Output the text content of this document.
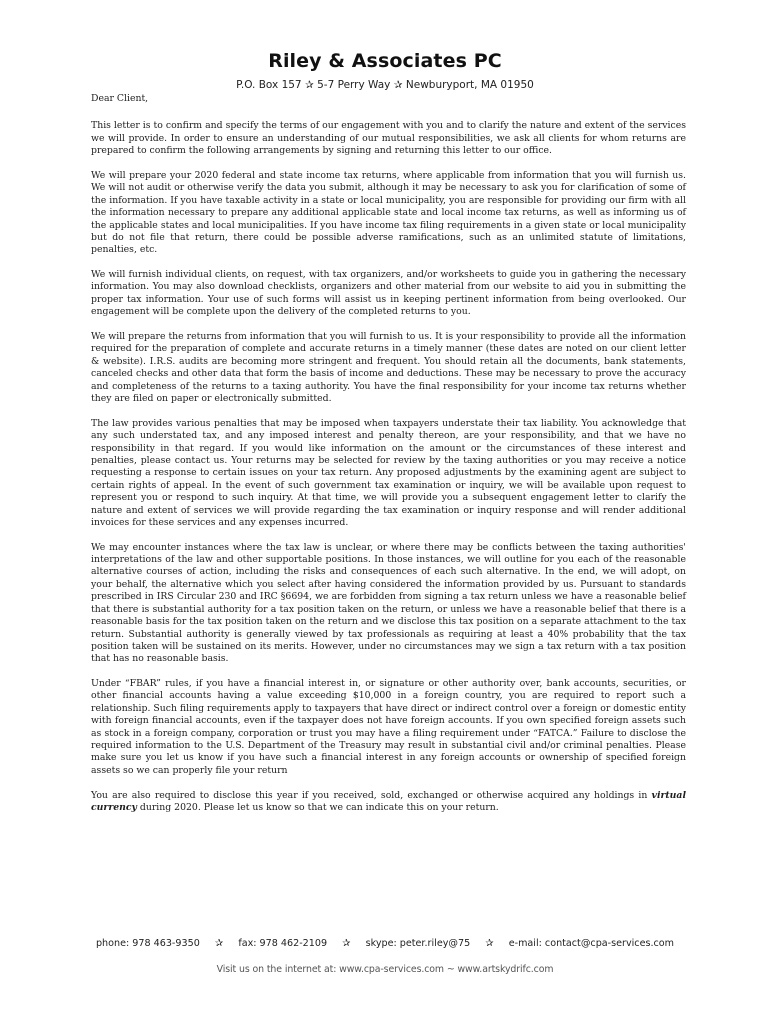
Riley & Associates PC
P.O. Box 157 ✰ 5-7 Perry Way ✰ Newburyport, MA 01950

Dear Client,

This letter is to confirm and specify the terms of our engagement with you and to clarify the nature and extent of the services we will provide. In order to ensure an understanding of our mutual responsibilities, we ask all clients for whom returns are prepared to confirm the following arrangements by signing and returning this letter to our office.

We will prepare your 2020 federal and state income tax returns, where applicable from information that you will furnish us. We will not audit or otherwise verify the data you submit, although it may be necessary to ask you for clarification of some of the information. If you have taxable activity in a state or local municipality, you are responsible for providing our firm with all the information necessary to prepare any additional applicable state and local income tax returns, as well as informing us of the applicable states and local municipalities. If you have income tax filing requirements in a given state or local municipality but do not file that return, there could be possible adverse ramifications, such as an unlimited statute of limitations, penalties, etc.

We will furnish individual clients, on request, with tax organizers, and/or worksheets to guide you in gathering the necessary information. You may also download checklists, organizers and other material from our website to aid you in submitting the proper tax information. Your use of such forms will assist us in keeping pertinent information from being overlooked. Our engagement will be complete upon the delivery of the completed returns to you.

We will prepare the returns from information that you will furnish to us. It is your responsibility to provide all the information required for the preparation of complete and accurate returns in a timely manner (these dates are noted on our client letter & website). I.R.S. audits are becoming more stringent and frequent. You should retain all the documents, bank statements, canceled checks and other data that form the basis of income and deductions. These may be necessary to prove the accuracy and completeness of the returns to a taxing authority. You have the final responsibility for your income tax returns whether they are filed on paper or electronically submitted.

The law provides various penalties that may be imposed when taxpayers understate their tax liability. You acknowledge that any such understated tax, and any imposed interest and penalty thereon, are your responsibility, and that we have no responsibility in that regard. If you would like information on the amount or the circumstances of these interest and penalties, please contact us. Your returns may be selected for review by the taxing authorities or you may receive a notice requesting a response to certain issues on your tax return. Any proposed adjustments by the examining agent are subject to certain rights of appeal. In the event of such government tax examination or inquiry, we will be available upon request to represent you or respond to such inquiry. At that time, we will provide you a subsequent engagement letter to clarify the nature and extent of services we will provide regarding the tax examination or inquiry response and will render additional invoices for these services and any expenses incurred.

We may encounter instances where the tax law is unclear, or where there may be conflicts between the taxing authorities' interpretations of the law and other supportable positions. In those instances, we will outline for you each of the reasonable alternative courses of action, including the risks and consequences of each such alternative. In the end, we will adopt, on your behalf, the alternative which you select after having considered the information provided by us. Pursuant to standards prescribed in IRS Circular 230 and IRC §6694, we are forbidden from signing a tax return unless we have a reasonable belief that there is substantial authority for a tax position taken on the return, or unless we have a reasonable belief that there is a reasonable basis for the tax position taken on the return and we disclose this tax position on a separate attachment to the tax return. Substantial authority is generally viewed by tax professionals as requiring at least a 40% probability that the tax position taken will be sustained on its merits. However, under no circumstances may we sign a tax return with a tax position that has no reasonable basis.

Under “FBAR” rules, if you have a financial interest in, or signature or other authority over, bank accounts, securities, or other financial accounts having a value exceeding $10,000 in a foreign country, you are required to report such a relationship. Such filing requirements apply to taxpayers that have direct or indirect control over a foreign or domestic entity with foreign financial accounts, even if the taxpayer does not have foreign accounts. If you own specified foreign assets such as stock in a foreign company, corporation or trust you may have a filing requirement under “FATCA.” Failure to disclose the required information to the U.S. Department of the Treasury may result in substantial civil and/or criminal penalties. Please make sure you let us know if you have such a financial interest in any foreign accounts or ownership of specified foreign assets so we can properly file your return

You are also required to disclose this year if you received, sold, exchanged or otherwise acquired any holdings in virtual currency during 2020. Please let us know so that we can indicate this on your return.

phone: 978 463-9350 ✰ fax: 978 462-2109 ✰ skype: peter.riley@75 ✰ e-mail: contact@cpa-services.com
Visit us on the internet at: www.cpa-services.com ~ www.artskydrifc.com
